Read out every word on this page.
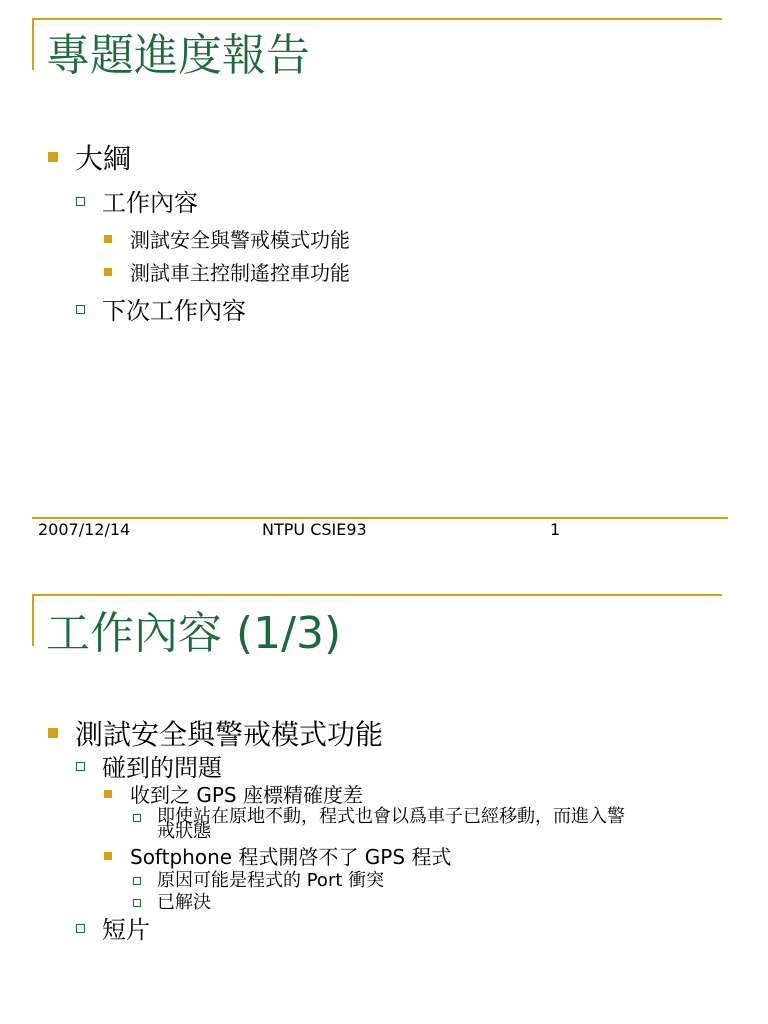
專題進度報告
大綱
工作內容
測試安全與警戒模式功能
測試車主控制遙控車功能
下次工作內容
2007/12/14	NTPU CSIE93	1
工作內容 (1/3)
測試安全與警戒模式功能
碰到的問題
收到之 GPS 座標精確度差
即使站在原地不動，程式也會以爲車子已經移動，而進入警
戒狀態
Softphone 程式開啓不了 GPS 程式
原因可能是程式的 Port 衝突
已解決
短片
